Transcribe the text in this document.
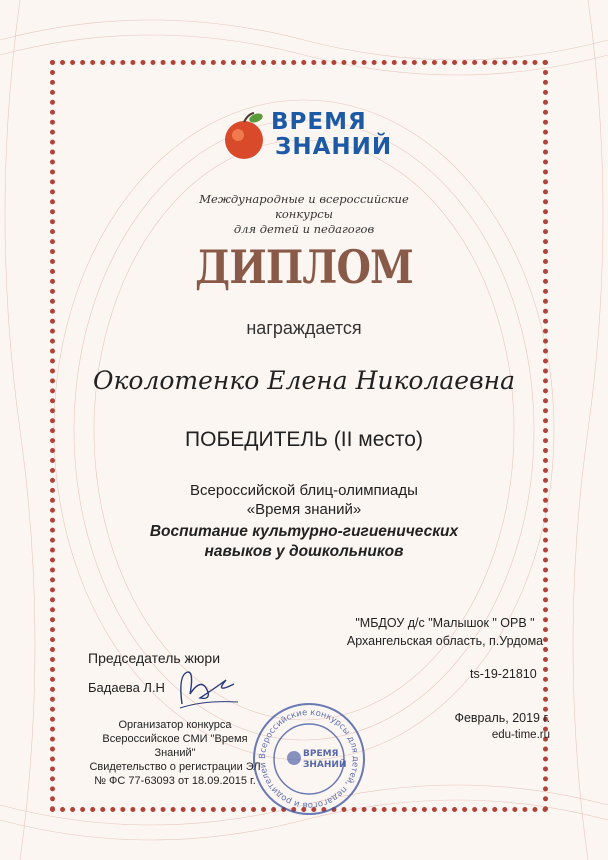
ВРЕМЯ
ЗНАНИЙ
Международные и всероссийские конкурсы
для детей и педагогов
ДИПЛОМ
награждается
Околотенко Елена Николаевна
ПОБЕДИТЕЛЬ (II место)
Всероссийской блиц-олимпиады
«Время знаний»
Воспитание культурно-гигиенических
навыков у дошкольников
"МБДОУ д/с "Малышок " ОРВ "
Архангельская область, п.Урдома
ts-19-21810
Председатель жюри
Бадаева Л.Н
Организатор конкурса
Всероссийское СМИ "Время Знаний"
Свидетельство о регистрации ЭЛ
№ ФС 77-63093 от 18.09.2015 г.
Февраль, 2019 г.
edu-time.ru
Всероссийские конкурсы для детей, педагогов и родителей
ВРЕМЯ
ЗНАНИЙ
